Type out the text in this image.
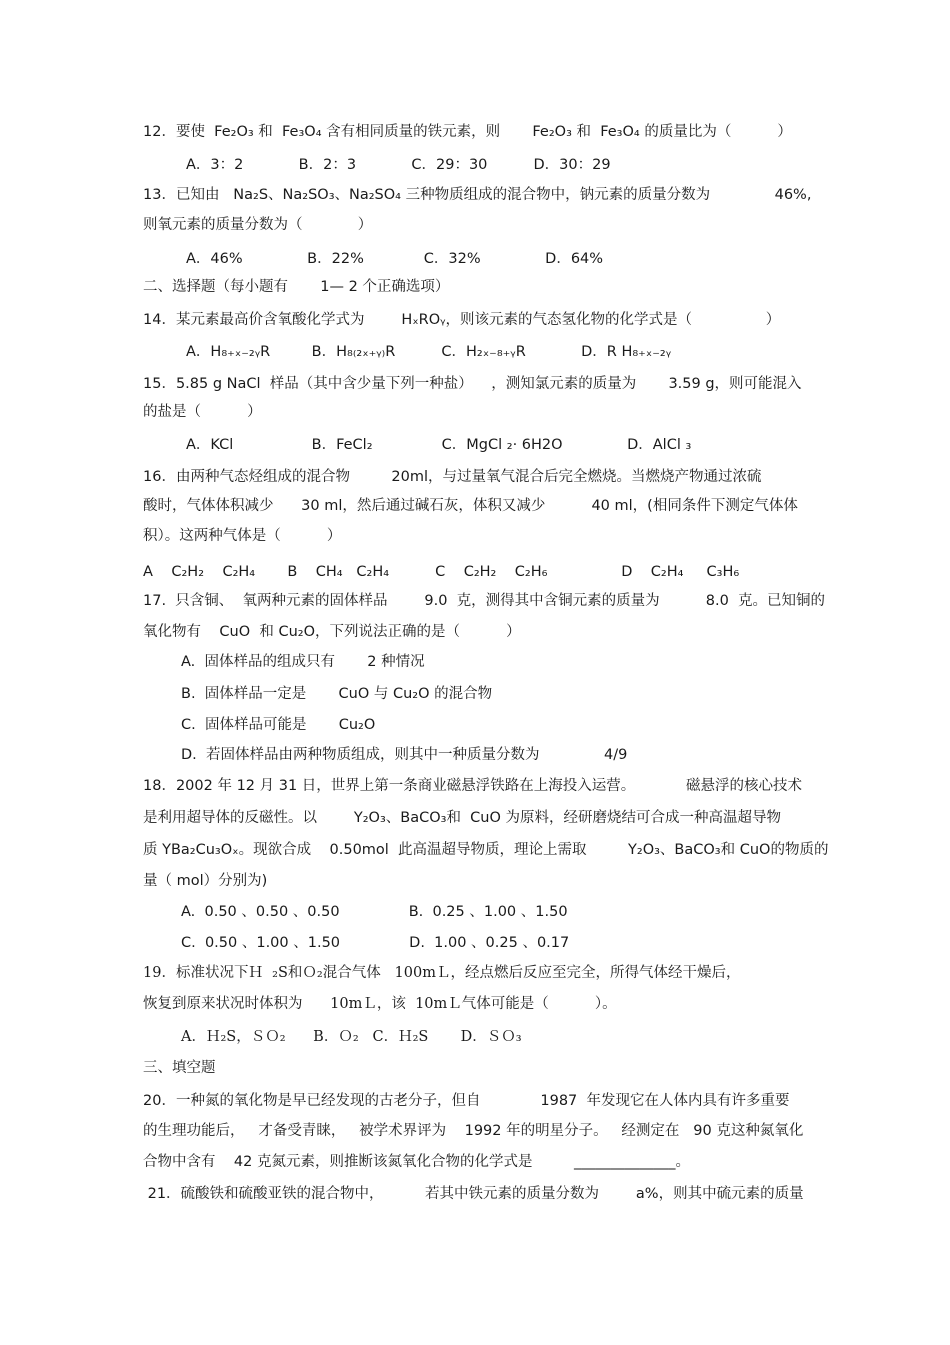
12．要使  Fe₂O₃ 和  Fe₃O₄ 含有相同质量的铁元素，则       Fe₂O₃ 和  Fe₃O₄ 的质量比为（          ）
A．3：2            B．2：3            C．29：30          D．30：29
13．已知由   Na₂S、Na₂SO₃、Na₂SO₄ 三种物质组成的混合物中，钠元素的质量分数为              46%,
则氧元素的质量分数为（            ）
A．46%              B．22%             C．32%              D．64%
二、选择题（每小题有       1— 2 个正确选项）
14．某元素最高价含氧酸化学式为        HₓROᵧ，则该元素的气态氢化物的化学式是（                ）
A．H₈₊ₓ₋₂ᵧR         B．H₈₍₂ₓ₊ᵧ₎R          C．H₂ₓ₋₈₊ᵧR            D．R H₈₊ₓ₋₂ᵧ
15．5.85 g NaCl  样品（其中含少量下列一种盐）    ，测知氯元素的质量为       3.59 g，则可能混入
的盐是（          ）
A．KCl                 B．FeCl₂               C．MgCl ₂· 6H2O              D．AlCl ₃
16．由两种气态烃组成的混合物         20ml，与过量氧气混合后完全燃烧。当燃烧产物通过浓硫
酸时，气体体积减少      30 ml，然后通过碱石灰，体积又减少          40 ml，(相同条件下测定气体体
积）。这两种气体是（          ）
A    C₂H₂    C₂H₄       B    CH₄   C₂H₄          C    C₂H₂    C₂H₆                D    C₂H₄     C₃H₆
17.  只含铜、  氧两种元素的固体样品        9.0  克，测得其中含铜元素的质量为          8.0  克。已知铜的
氧化物有    CuO  和 Cu₂O，下列说法正确的是（          ）
A.  固体样品的组成只有       2 种情况
B.  固体样品一定是       CuO 与 Cu₂O 的混合物
C.  固体样品可能是       Cu₂O
D.  若固体样品由两种物质组成，则其中一种质量分数为              4/9
18．2002 年 12 月 31 日，世界上第一条商业磁悬浮铁路在上海投入运营。           磁悬浮的核心技术
是利用超导体的反磁性。以        Y₂O₃、BaCO₃和  CuO 为原料，经研磨烧结可合成一种高温超导物
质 YBa₂Cu₃Oₓ。现欲合成    0.50mol  此高温超导物质，理论上需取         Y₂O₃、BaCO₃和 CuO的物质的
量（ mol）分别为)
A.  0.50 、0.50 、0.50               B.  0.25 、1.00 、1.50
C.  0.50 、1.00 、1.50               D.  1.00 、0.25 、0.17
19．标准状况下Ｈ  ₂S和Ｏ₂混合气体   100mＬ，经点燃后反应至完全，所得气体经干燥后，
恢复到原来状况时体积为      10mＬ，该  10mＬ气体可能是（          ）。
A．Ｈ₂S，ＳＯ₂      B．Ｏ₂   C．Ｈ₂S       D．ＳＯ₃
三、填空题
20．一种氮的氧化物是早已经发现的古老分子，但自             1987  年发现它在人体内具有许多重要
的生理功能后，   才备受青睐，   被学术界评为    1992 年的明星分子。   经测定在   90 克这种氮氧化
合物中含有    42 克氮元素，则推断该氮氧化合物的化学式是         ______________。
21．硫酸铁和硫酸亚铁的混合物中，         若其中铁元素的质量分数为        a%，则其中硫元素的质量
